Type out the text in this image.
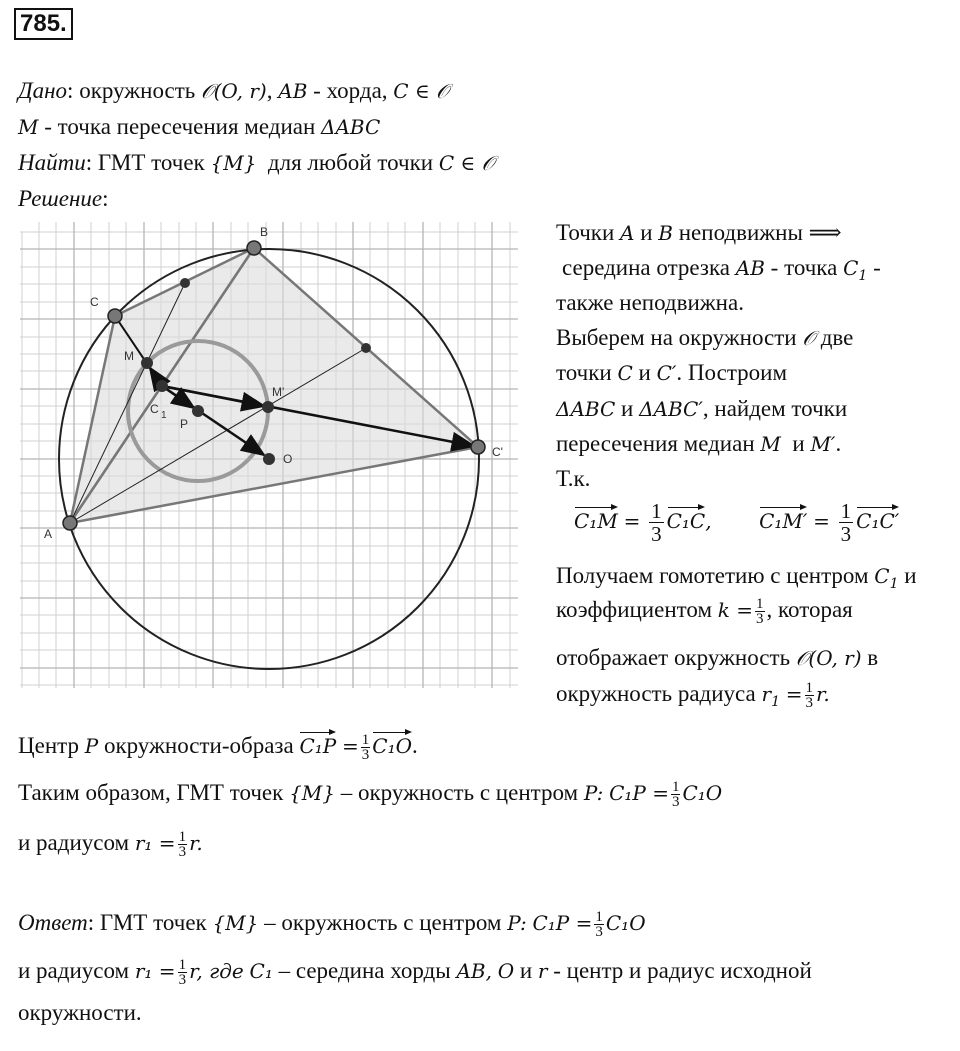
785.
Дано: окружность 𝒪(O, r), AB - хорда, C ∈ 𝒪
M - точка пересечения медиан ΔABC
Найти: ГМТ точек {M} для любой точки C ∈ 𝒪
Решение:
A
B
C
C'
M
M'
C 1
P
O
Точки A и B неподвижны ⟹
середина отрезка AB - точка $C_1$ -
также неподвижна.
Выберем на окружности 𝒪 две
точки C и C′. Построим
ΔABC и ΔABC′, найдем точки
пересечения медиан M и M′.
Т.к.
$C_1M = \frac{1}{3} C_1C$, $C_1M' = \frac{1}{3} C_1C'$
Получаем гомотетию с центром $C_1$ и
коэффициентом $k = \frac{1}{3}$ , которая
отображает окружность 𝒪(O, r) в
окружность радиуса $r_1 = \frac{1}{3} r$.
Центр P окружности-образа $C_1P = \frac{1}{3} C_1O$.
Таким образом, ГМТ точек {M} – окружность с центром P: $C_1P = \frac{1}{3} C_1O$
и радиусом $r_1 = \frac{1}{3} r$.
Ответ: ГМТ точек {M} – окружность с центром P: $C_1P = \frac{1}{3} C_1O$
и радиусом $r_1 = \frac{1}{3} r$, где C₁ – середина хорды AB, O и r - центр и радиус исходной
окружности.
